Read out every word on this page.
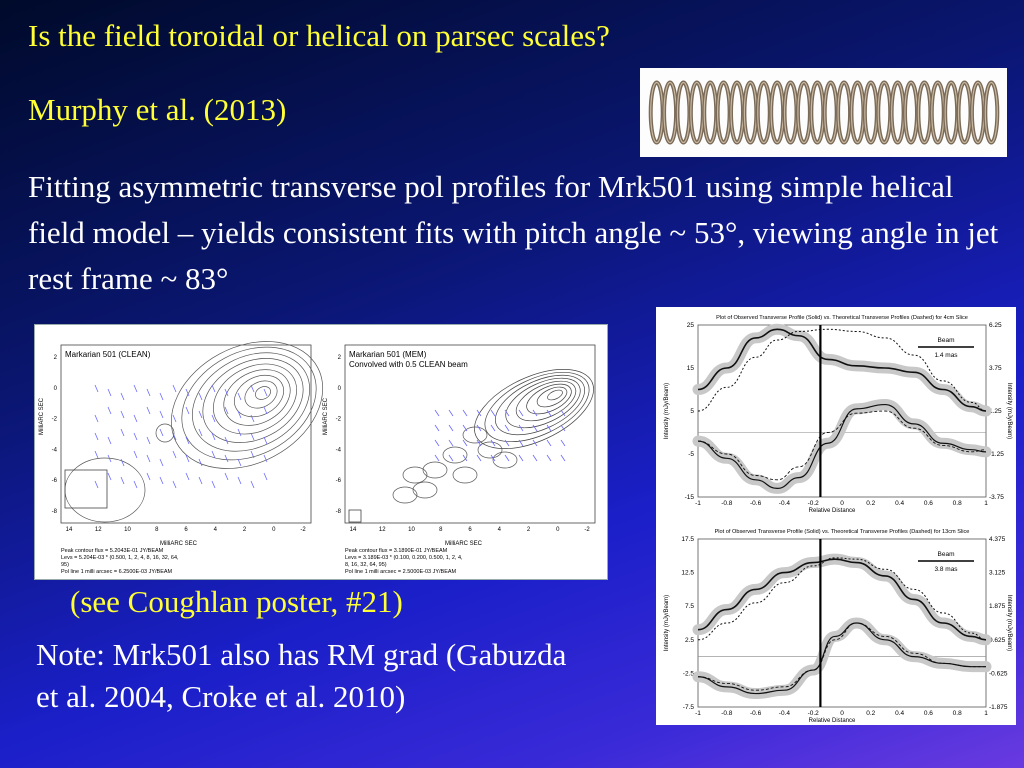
Is the field toroidal or helical on parsec scales?
Murphy et al. (2013)
Fitting asymmetric transverse pol profiles for Mrk501 using simple helical field model – yields consistent fits with pitch angle ~ 53°, viewing angle in jet rest frame ~ 83°
(see Coughlan poster, #21)
Note: Mrk501 also has RM grad (Gabuzda et al. 2004, Croke et al. 2010)
Markarian 501 (CLEAN)
MilliARC SEC
MilliARC SEC
2
0
-2
-4
-6
-8
14	12	10	8	6	4	2	0	-2
Peak contour flux = 5.2043E-01 JY/BEAM
Levs = 5.204E-03 * (0.500, 1, 2, 4, 8, 16, 32, 64,
95)
Pol line 1 milli arcsec = 6.2500E-03 JY/BEAM
Markarian 501 (MEM)
Convolved with 0.5 CLEAN beam
MilliARC SEC
MilliARC SEC
2
0
-2
-4
-6
-8
14	12	10	8	6	4	2	0	-2
Peak contour flux = 3.1890E-01 JY/BEAM
Levs = 3.189E-03 * (0.100, 0.200, 0.500, 1, 2, 4,
8, 16, 32, 64, 95)
Pol line 1 milli arcsec = 2.5000E-03 JY/BEAM
Plot of Observed Transverse Profile (Solid) vs. Theoretical Transverse Profiles (Dashed) for 4cm Slice
25
15
5
-5
-15
6.25
3.75
1.25
-1.25
-3.75
-1	-0.8	-0.6	-0.4	-0.2	0	0.2	0.4	0.6	0.8	1
Relative Distance
Intensity (mJy/Beam)	Intensity (mJy/Beam)
Beam
1.4 mas
Plot of Observed Transverse Profile (Solid) vs. Theoretical Transverse Profiles (Dashed) for 13cm Slice
17.5
12.5
7.5
2.5
-2.5
-7.5
4.375
3.125
1.875
0.625
-0.625
-1.875
-1	-0.8	-0.6	-0.4	-0.2	0	0.2	0.4	0.6	0.8	1
Relative Distance
Intensity (mJy/Beam)	Intensity (mJy/Beam)
Beam
3.8 mas
